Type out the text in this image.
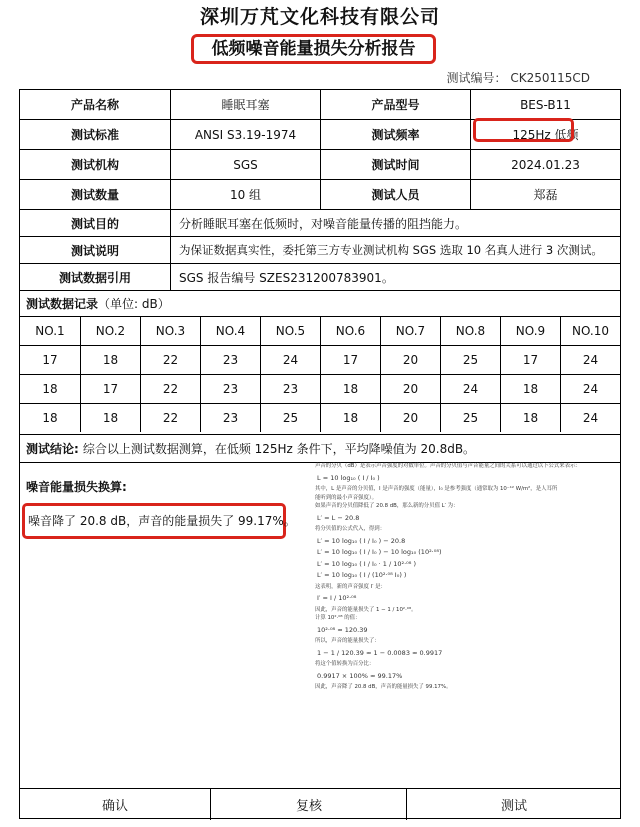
深圳万芃文化科技有限公司
低频噪音能量损失分析报告
测试编号： CK250115CD
产品名称	睡眠耳塞	产品型号	BES-B11
测试标准	ANSI S3.19-1974	测试频率	125Hz 低频
测试机构	SGS	测试时间	2024.01.23
测试数量	10 组	测试人员	郑磊
测试目的	分析睡眠耳塞在低频时，对噪音能量传播的阻挡能力。
测试说明	为保证数据真实性，委托第三方专业测试机构 SGS 选取 10 名真人进行 3 次测试。
测试数据引用	SGS 报告编号 SZES231200783901。
测试数据记录 （单位: dB）
NO.1	NO.2	NO.3	NO.4	NO.5	NO.6	NO.7	NO.8	NO.9	NO.10
17	18	22	23	24	17	20	25	17	24
18	17	22	23	23	18	20	24	18	24
18	18	22	23	25	18	20	25	18	24
测试结论: 综合以上测试数据测算，在低频 125Hz 条件下，平均降噪值为 20.8dB。
噪音能量损失换算:
噪音降了 20.8 dB，声音的能量损失了 99.17%。
声音的分贝（dB）是表示声音强度的对数单位。声音的分贝值与声音能量之间的关系可以通过以下公式来表示：
L = 10 log₁₀ ( I / I₀ )
其中，L 是声音的分贝值，I 是声音的强度（能量），I₀ 是参考强度（通常取为 10⁻¹² W/m²，是人耳所
能听到的最小声音强度）。
如果声音的分贝值降低了 20.8 dB，那么新的分贝值 L′ 为：
L′ = L − 20.8
将分贝值的公式代入，得到：
L′ = 10 log₁₀ ( I / I₀ ) − 20.8
L′ = 10 log₁₀ ( I / I₀ ) − 10 log₁₀ (10²·⁰⁸)
L′ = 10 log₁₀ ( I / I₀ · 1 / 10²·⁰⁸ )
L′ = 10 log₁₀ ( I / (10²·⁰⁸ I₀) )
这表明，新的声音强度 I′ 是：
I′ = I / 10²·⁰⁸
因此，声音的能量损失了 1 − 1 / 10²·⁰⁸。
计算 10²·⁰⁸ 的值：
10²·⁰⁸ ≈ 120.39
所以，声音的能量损失了：
1 − 1 / 120.39 ≈ 1 − 0.0083 ≈ 0.9917
将这个值转换为百分比：
0.9917 × 100% ≈ 99.17%
因此，声音降了 20.8 dB，声音的能量损失了 99.17%。
确认	复核	测试
